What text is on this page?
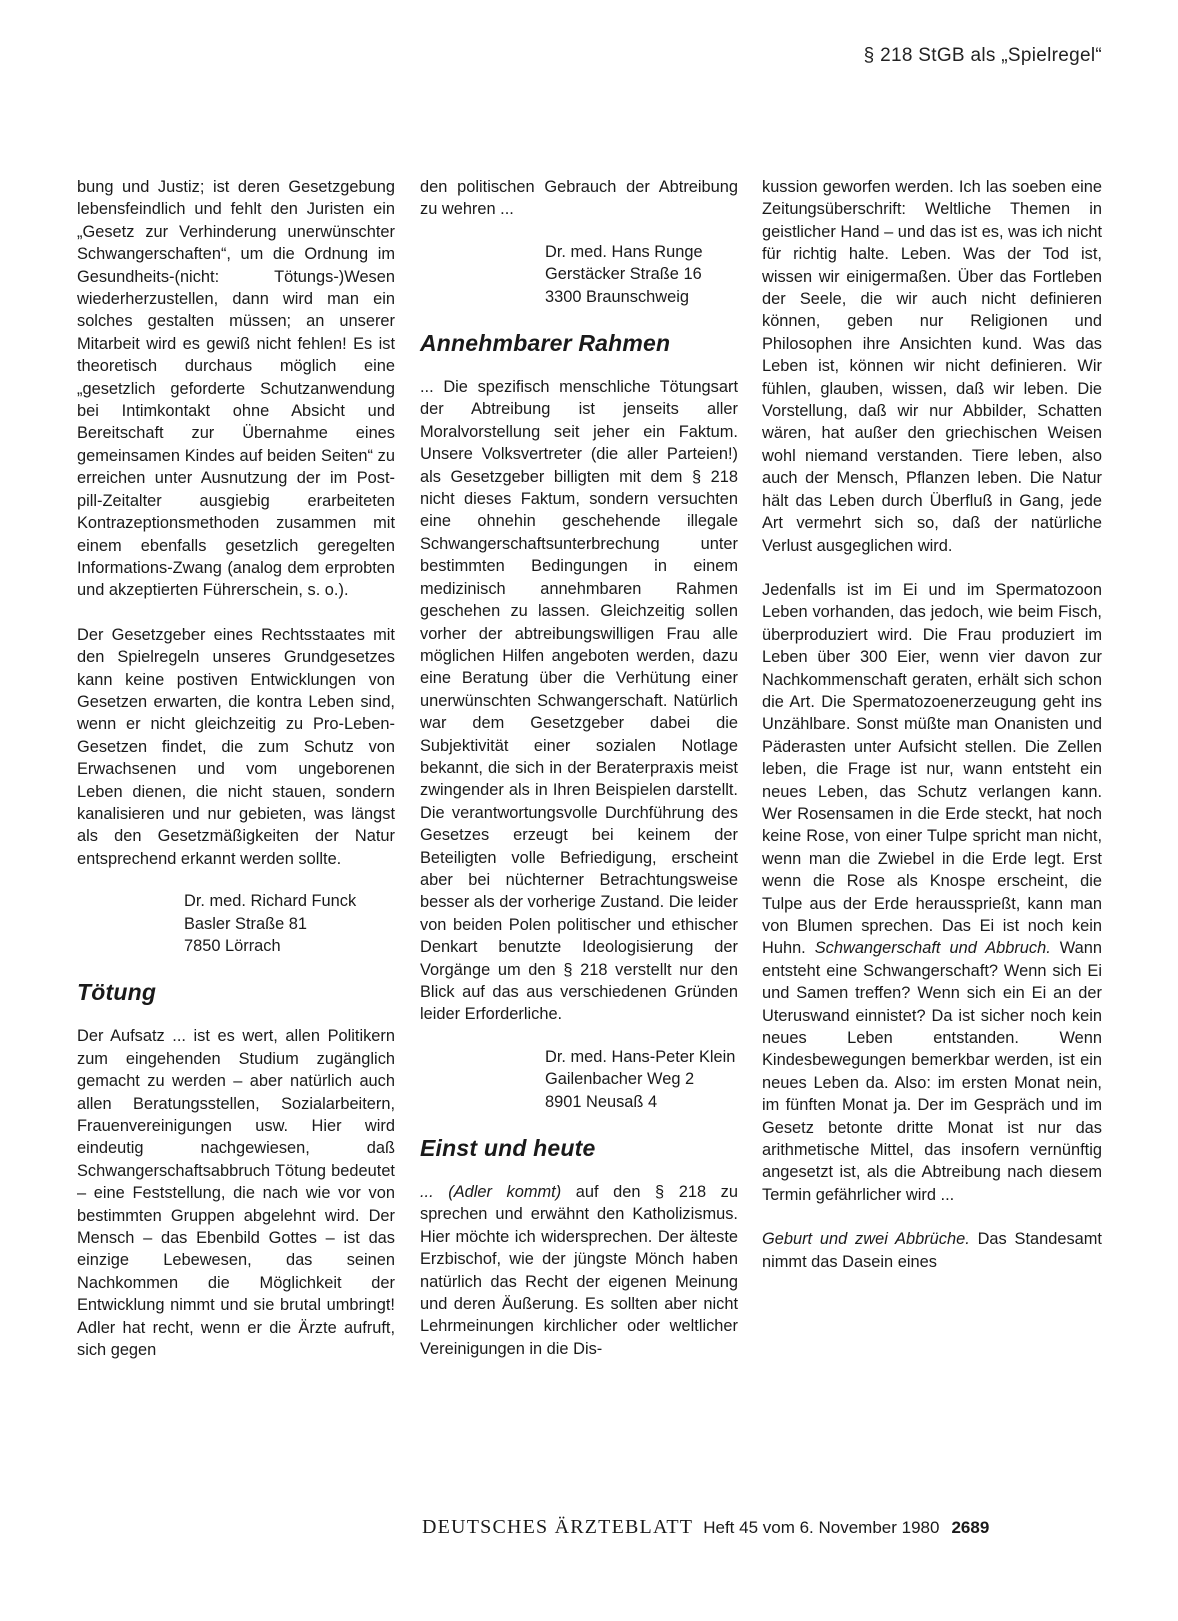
§ 218 StGB als „Spielregel“

bung und Justiz; ist deren Gesetzgebung lebensfeindlich und fehlt den Juristen ein „Gesetz zur Verhinderung unerwünschter Schwangerschaften“, um die Ordnung im Gesundheits-(nicht: Tötungs-)Wesen wiederherzustellen, dann wird man ein solches gestalten müssen; an unserer Mitarbeit wird es gewiß nicht fehlen! Es ist theoretisch durchaus möglich eine „gesetzlich geforderte Schutzanwendung bei Intimkontakt ohne Absicht und Bereitschaft zur Übernahme eines gemeinsamen Kindes auf beiden Seiten“ zu erreichen unter Ausnutzung der im Post-pill-Zeitalter ausgiebig erarbeiteten Kontrazeptionsmethoden zusammen mit einem ebenfalls gesetzlich geregelten Informations-Zwang (analog dem erprobten und akzeptierten Führerschein, s. o.).

Der Gesetzgeber eines Rechtsstaates mit den Spielregeln unseres Grundgesetzes kann keine postiven Entwicklungen von Gesetzen erwarten, die kontra Leben sind, wenn er nicht gleichzeitig zu Pro-Leben-Gesetzen findet, die zum Schutz von Erwachsenen und vom ungeborenen Leben dienen, die nicht stauen, sondern kanalisieren und nur gebieten, was längst als den Gesetzmäßigkeiten der Natur entsprechend erkannt werden sollte.

Dr. med. Richard Funck
Basler Straße 81
7850 Lörrach
Tötung

Der Aufsatz ... ist es wert, allen Politikern zum eingehenden Studium zugänglich gemacht zu werden – aber natürlich auch allen Beratungsstellen, Sozialarbeitern, Frauenvereinigungen usw. Hier wird eindeutig nachgewiesen, daß Schwangerschaftsabbruch Tötung bedeutet – eine Feststellung, die nach wie vor von bestimmten Gruppen abgelehnt wird. Der Mensch – das Ebenbild Gottes – ist das einzige Lebewesen, das seinen Nachkommen die Möglichkeit der Entwicklung nimmt und sie brutal umbringt! Adler hat recht, wenn er die Ärzte aufruft, sich gegen

den politischen Gebrauch der Abtreibung zu wehren ...

Dr. med. Hans Runge
Gerstäcker Straße 16
3300 Braunschweig
Annehmbarer Rahmen

... Die spezifisch menschliche Tötungsart der Abtreibung ist jenseits aller Moralvorstellung seit jeher ein Faktum. Unsere Volksvertreter (die aller Parteien!) als Gesetzgeber billigten mit dem § 218 nicht dieses Faktum, sondern versuchten eine ohnehin geschehende illegale Schwangerschaftsunterbrechung unter bestimmten Bedingungen in einem medizinisch annehmbaren Rahmen geschehen zu lassen. Gleichzeitig sollen vorher der abtreibungswilligen Frau alle möglichen Hilfen angeboten werden, dazu eine Beratung über die Verhütung einer unerwünschten Schwangerschaft. Natürlich war dem Gesetzgeber dabei die Subjektivität einer sozialen Notlage bekannt, die sich in der Beraterpraxis meist zwingender als in Ihren Beispielen darstellt. Die verantwortungsvolle Durchführung des Gesetzes erzeugt bei keinem der Beteiligten volle Befriedigung, erscheint aber bei nüchterner Betrachtungsweise besser als der vorherige Zustand. Die leider von beiden Polen politischer und ethischer Denkart benutzte Ideologisierung der Vorgänge um den § 218 verstellt nur den Blick auf das aus verschiedenen Gründen leider Erforderliche.

Dr. med. Hans-Peter Klein
Gailenbacher Weg 2
8901 Neusaß 4
Einst und heute

... (Adler kommt) auf den § 218 zu sprechen und erwähnt den Katholizismus. Hier möchte ich widersprechen. Der älteste Erzbischof, wie der jüngste Mönch haben natürlich das Recht der eigenen Meinung und deren Äußerung. Es sollten aber nicht Lehrmeinungen kirchlicher oder weltlicher Vereinigungen in die Dis-

kussion geworfen werden. Ich las soeben eine Zeitungsüberschrift: Weltliche Themen in geistlicher Hand – und das ist es, was ich nicht für richtig halte. Leben. Was der Tod ist, wissen wir einigermaßen. Über das Fortleben der Seele, die wir auch nicht definieren können, geben nur Religionen und Philosophen ihre Ansichten kund. Was das Leben ist, können wir nicht definieren. Wir fühlen, glauben, wissen, daß wir leben. Die Vorstellung, daß wir nur Abbilder, Schatten wären, hat außer den griechischen Weisen wohl niemand verstanden. Tiere leben, also auch der Mensch, Pflanzen leben. Die Natur hält das Leben durch Überfluß in Gang, jede Art vermehrt sich so, daß der natürliche Verlust ausgeglichen wird.

Jedenfalls ist im Ei und im Spermatozoon Leben vorhanden, das jedoch, wie beim Fisch, überproduziert wird. Die Frau produziert im Leben über 300 Eier, wenn vier davon zur Nachkommenschaft geraten, erhält sich schon die Art. Die Spermatozoenerzeugung geht ins Unzählbare. Sonst müßte man Onanisten und Päderasten unter Aufsicht stellen. Die Zellen leben, die Frage ist nur, wann entsteht ein neues Leben, das Schutz verlangen kann. Wer Rosensamen in die Erde steckt, hat noch keine Rose, von einer Tulpe spricht man nicht, wenn man die Zwiebel in die Erde legt. Erst wenn die Rose als Knospe erscheint, die Tulpe aus der Erde heraussprießt, kann man von Blumen sprechen. Das Ei ist noch kein Huhn. Schwangerschaft und Abbruch. Wann entsteht eine Schwangerschaft? Wenn sich Ei und Samen treffen? Wenn sich ein Ei an der Uteruswand einnistet? Da ist sicher noch kein neues Leben entstanden. Wenn Kindesbewegungen bemerkbar werden, ist ein neues Leben da. Also: im ersten Monat nein, im fünften Monat ja. Der im Gespräch und im Gesetz betonte dritte Monat ist nur das arithmetische Mittel, das insofern vernünftig angesetzt ist, als die Abtreibung nach diesem Termin gefährlicher wird ...

Geburt und zwei Abbrüche. Das Standesamt nimmt das Dasein eines

DEUTSCHES ÄRZTEBLATT Heft 45 vom 6. November 1980 2689
